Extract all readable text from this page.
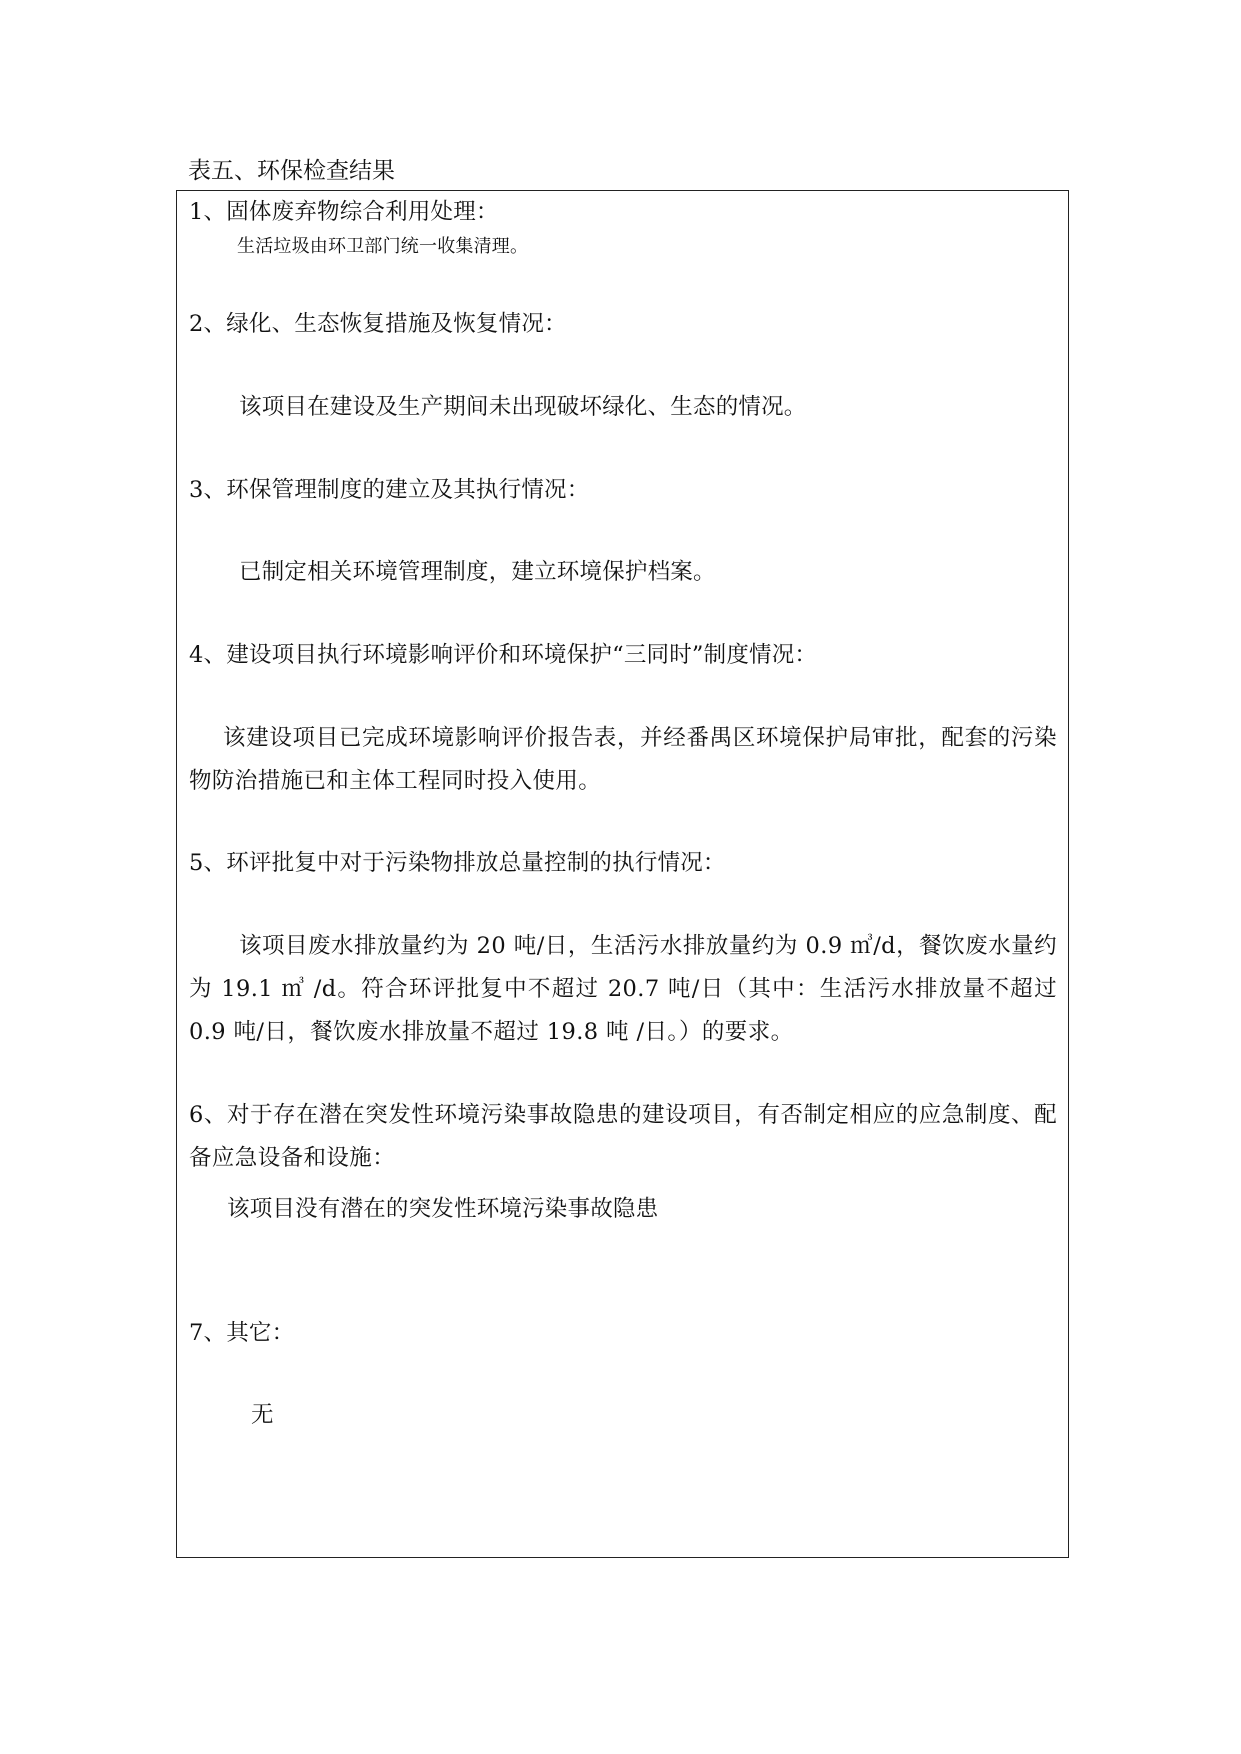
表五、环保检查结果
1、固体废弃物综合利用处理：
生活垃圾由环卫部门统一收集清理。
2、绿化、生态恢复措施及恢复情况：
该项目在建设及生产期间未出现破坏绿化、生态的情况。
3、环保管理制度的建立及其执行情况：
已制定相关环境管理制度，建立环境保护档案。
4、建设项目执行环境影响评价和环境保护“三同时”制度情况：
该建设项目已完成环境影响评价报告表，并经番禺区环境保护局审批，配套的污染物防治措施已和主体工程同时投入使用。
5、环评批复中对于污染物排放总量控制的执行情况：
该项目废水排放量约为 20 吨/日，生活污水排放量约为 0.9 ㎥/d，餐饮废水量约为 19.1 ㎥ /d。符合环评批复中不超过 20.7 吨/日（其中：生活污水排放量不超过 0.9 吨/日，餐饮废水排放量不超过 19.8 吨 /日。）的要求。
6、对于存在潜在突发性环境污染事故隐患的建设项目，有否制定相应的应急制度、配备应急设备和设施：
该项目没有潜在的突发性环境污染事故隐患
7、其它：
无
